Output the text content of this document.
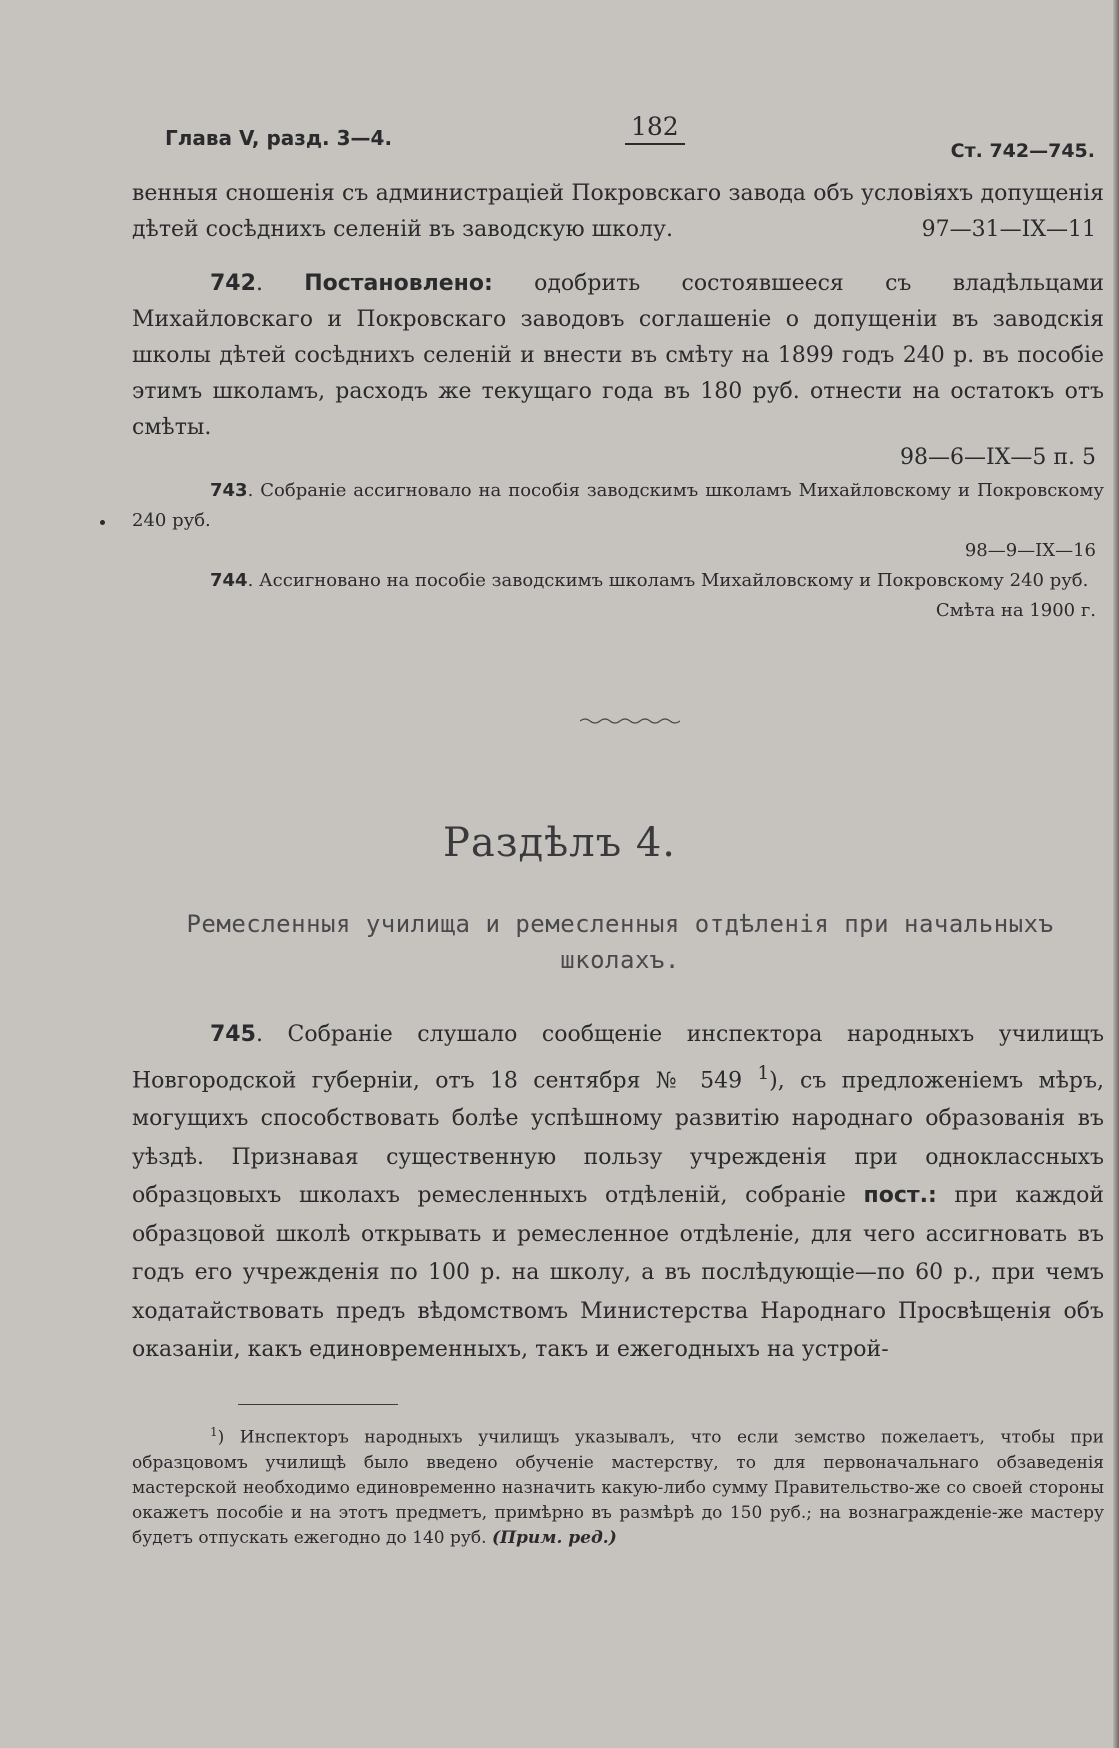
Глава V, разд. 3—4.	182
Ст. 742—745.
венныя сношенія съ администраціей Покровскаго завода объ условіяхъ допущенія дѣтей сосѣднихъ селеній въ заводскую школу.	97—31—IX—11
742. Постановлено: одобрить состоявшееся съ владѣльцами Михайловскаго и Покровскаго заводовъ соглашеніе о допущеніи въ заводскія школы дѣтей сосѣднихъ селеній и внести въ смѣту на 1899 годъ 240 р. въ пособіе этимъ школамъ, расходъ же текущаго года въ 180 руб. отнести на остатокъ отъ смѣты.
98—6—IX—5 п. 5
743. Собраніе ассигновало на пособія заводскимъ школамъ Михайловскому и Покровскому 240 руб.
98—9—IX—16
744. Ассигновано на пособіе заводскимъ школамъ Михайловскому и Покровскому 240 руб.
Смѣта на 1900 г.
Раздѣлъ 4.
Ремесленныя училища и ремесленныя отдѣленія при начальныхъ школахъ.
745. Собраніе слушало сообщеніе инспектора народныхъ училищъ Новгородской губерніи, отъ 18 сентября № 549 $^1$), съ предложеніемъ мѣръ, могущихъ способствовать болѣе успѣшному развитію народнаго образованія въ уѣздѣ. Признавая существенную пользу учрежденія при одноклассныхъ образцовыхъ школахъ ремесленныхъ отдѣленій, собраніе пост.: при каждой образцовой школѣ открывать и ремесленное отдѣленіе, для чего ассигновать въ годъ его учрежденія по 100 р. на школу, а въ послѣдующіе—по 60 р., при чемъ ходатайствовать предъ вѣдомствомъ Министерства Народнаго Просвѣщенія объ оказаніи, какъ единовременныхъ, такъ и ежегодныхъ на устрой-
$^1$) Инспекторъ народныхъ училищъ указывалъ, что если земство пожелаетъ, чтобы при образцовомъ училищѣ было введено обученіе мастерству, то для первоначальнаго обзаведенія мастерской необходимо единовременно назначить какую-либо сумму Правительство-же со своей стороны окажетъ пособіе и на этотъ предметъ, примѣрно въ размѣрѣ до 150 руб.; на вознагражденіе-же мастеру будетъ отпускать ежегодно до 140 руб. (Прим. ред.)
